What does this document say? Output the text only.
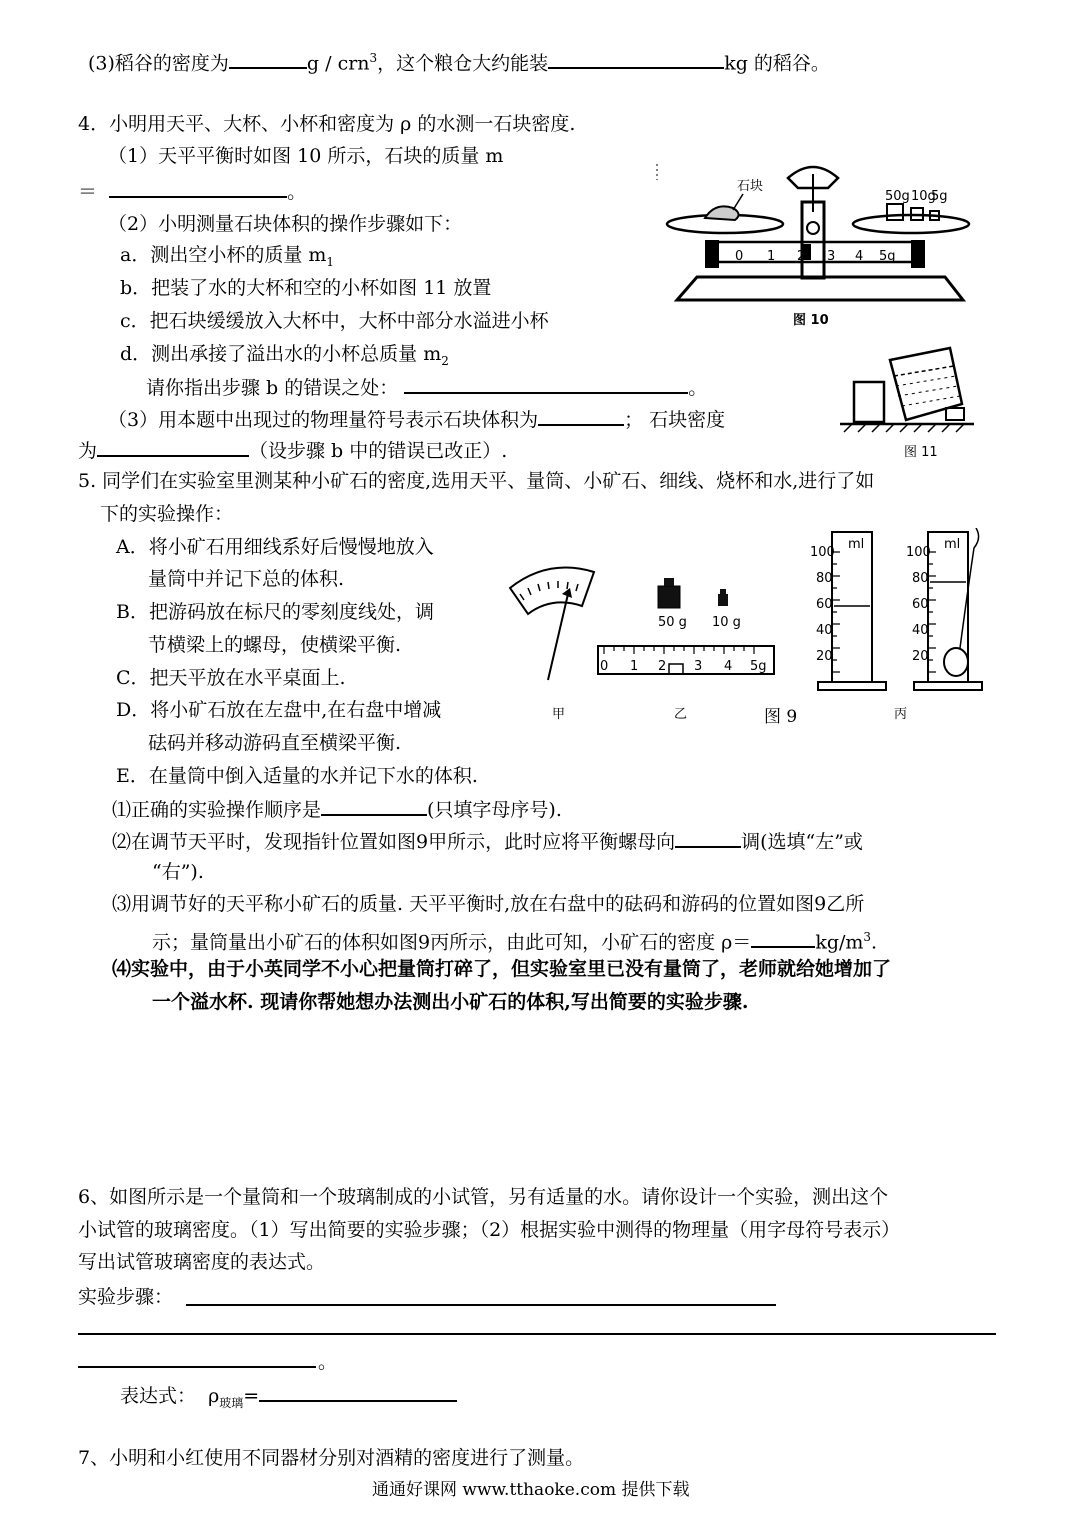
(3)稻谷的密度为	g / crn$^3$，这个粮仓大约能装	kg 的稻谷。
4．小明用天平、大杯、小杯和密度为 ρ 的水测一石块密度.
（1）天平平衡时如图 10 所示，石块的质量 m
＝	。
（2）小明测量石块体积的操作步骤如下：
a．测出空小杯的质量 $m_1$
b．把装了水的大杯和空的小杯如图 11 放置
c．把石块缓缓放入大杯中，大杯中部分水溢进小杯
d．测出承接了溢出水的小杯总质量 $m_2$
请你指出步骤 b 的错误之处：	。
（3）用本题中出现过的物理量符号表示石块体积为	； 石块密度
为	（设步骤 b 中的错误已改正）.
石块
50g 10g
5g
0 1 2 3 4 5g
图 10
图 11
5. 同学们在实验室里测某种小矿石的密度,选用天平、量筒、小矿石、细线、烧杯和水,进行了如
下的实验操作：
A．将小矿石用细线系好后慢慢地放入
量筒中并记下总的体积.
B．把游码放在标尺的零刻度线处，调
节横梁上的螺母，使横梁平衡.
C．把天平放在水平桌面上.
D．将小矿石放在左盘中,在右盘中增减
砝码并移动游码直至横梁平衡.
E．在量筒中倒入适量的水并记下水的体积.
⑴正确的实验操作顺序是	(只填字母序号).
⑵在调节天平时，发现指针位置如图9甲所示，此时应将平衡螺母向	调(选填“左”或
“右”).
⑶用调节好的天平称小矿石的质量. 天平平衡时,放在右盘中的砝码和游码的位置如图9乙所
示；量筒量出小矿石的体积如图9丙所示，由此可知，小矿石的密度 ρ＝	$kg/m^3$.
⑷实验中，由于小英同学不小心把量筒打碎了，但实验室里已没有量筒了，老师就给她增加了
一个溢水杯. 现请你帮她想办法测出小矿石的体积,写出简要的实验步骤.
甲
50 g 10 g
0 1 2 3 4 5g
乙	图 9
ml
100
80
60
40
20
ml
100
80
60
40
20
丙
6、如图所示是一个量筒和一个玻璃制成的小试管，另有适量的水。请你设计一个实验，测出这个
小试管的玻璃密度。（1）写出简要的实验步骤；（2）根据实验中测得的物理量（用字母符号表示）
写出试管玻璃密度的表达式。
实验步骤：
。
表达式： $\rho_{玻璃}=$
7、小明和小红使用不同器材分别对酒精的密度进行了测量。
通通好课网 www.tthaoke.com 提供下载
